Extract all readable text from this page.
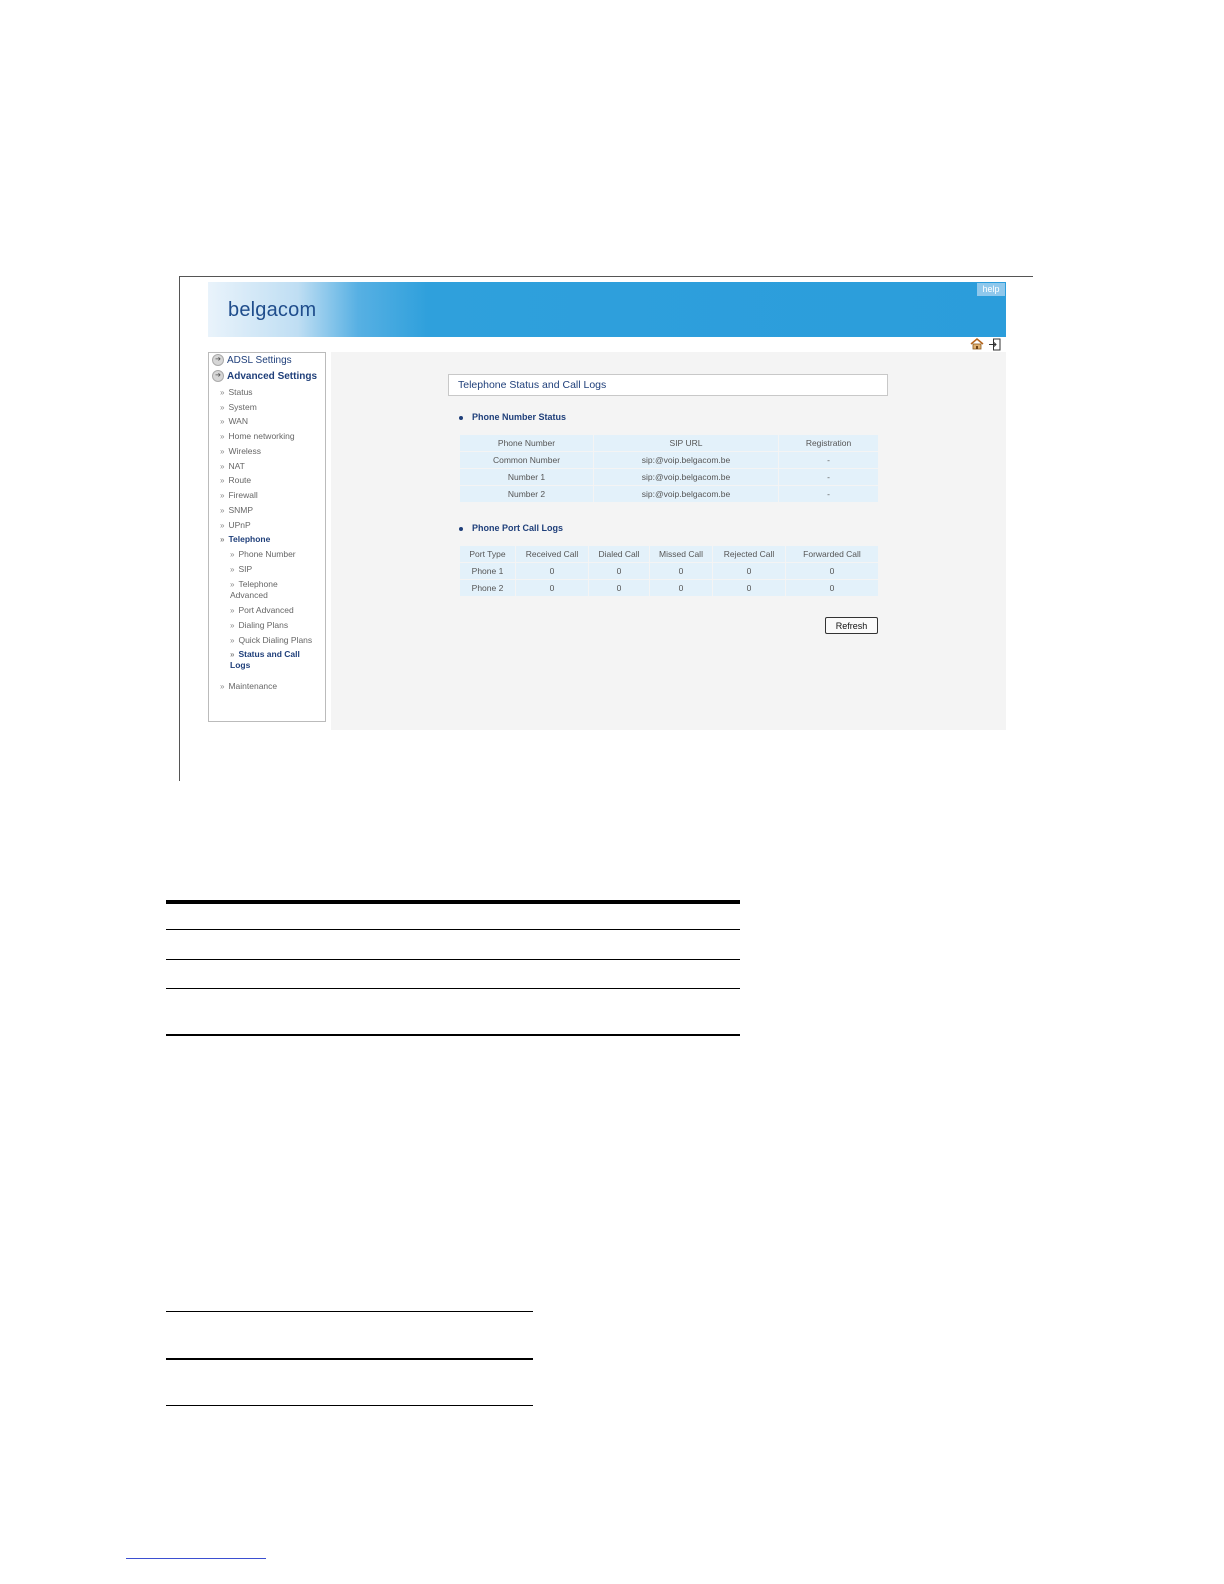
belgacom
help
➔ ADSL Settings
➔ Advanced Settings
» Status
» System
» WAN
» Home networking
» Wireless
» NAT
» Route
» Firewall
» SNMP
» UPnP
» Telephone
» Phone Number
» SIP
» Telephone Advanced
» Port Advanced
» Dialing Plans
» Quick Dialing Plans
» Status and Call Logs
» Maintenance
Telephone Status and Call Logs
Phone Number Status
Phone Number	SIP URL	Registration
Common Number	sip:@voip.belgacom.be	-
Number 1	sip:@voip.belgacom.be	-
Number 2	sip:@voip.belgacom.be	-
Phone Port Call Logs
Port Type	Received Call	Dialed Call	Missed Call	Rejected Call	Forwarded Call
Phone 1	0	0	0	0	0
Phone 2	0	0	0	0	0
Refresh
